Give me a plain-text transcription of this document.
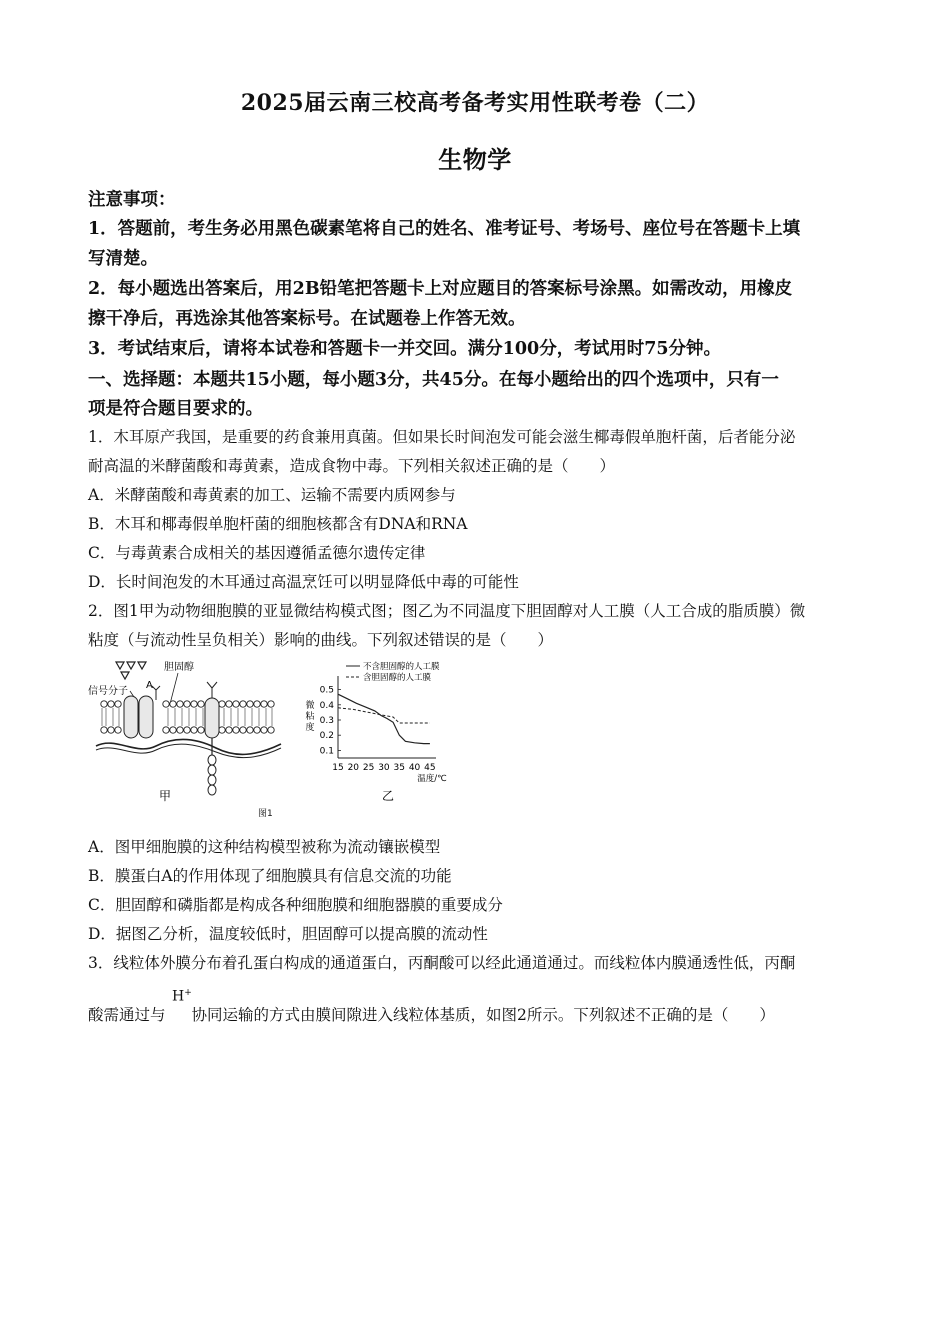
2025届云南三校高考备考实用性联考卷（二）
生物学
注意事项：
1．答题前，考生务必用黑色碳素笔将自己的姓名、准考证号、考场号、座位号在答题卡上填
写清楚。
2．每小题选出答案后，用2B铅笔把答题卡上对应题目的答案标号涂黑。如需改动，用橡皮
擦干净后，再选涂其他答案标号。在试题卷上作答无效。
3．考试结束后，请将本试卷和答题卡一并交回。满分100分，考试用时75分钟。
一、选择题：本题共15小题，每小题3分，共45分。在每小题给出的四个选项中，只有一
项是符合题目要求的。
1．木耳原产我国，是重要的药食兼用真菌。但如果长时间泡发可能会滋生椰毒假单胞杆菌，后者能分泌
耐高温的米酵菌酸和毒黄素，造成食物中毒。下列相关叙述正确的是（　　）
A．米酵菌酸和毒黄素的加工、运输不需要内质网参与
B．木耳和椰毒假单胞杆菌的细胞核都含有DNA和RNA
C．与毒黄素合成相关的基因遵循孟德尔遗传定律
D．长时间泡发的木耳通过高温烹饪可以明显降低中毒的可能性
2．图1甲为动物细胞膜的亚显微结构模式图；图乙为不同温度下胆固醇对人工膜（人工合成的脂质膜）微
粘度（与流动性呈负相关）影响的曲线。下列叙述错误的是（　　）
信号分子
A
胆固醇
甲
0.1
0.2
0.3
0.4
0.5
15 20 25 30 35 40 45
温度/℃
微
粘
度
不含胆固醇的人工膜
含胆固醇的人工膜
乙
图1
A．图甲细胞膜的这种结构模型被称为流动镶嵌模型
B．膜蛋白A的作用体现了细胞膜具有信息交流的功能
C．胆固醇和磷脂都是构成各种细胞膜和细胞器膜的重要成分
D．据图乙分析，温度较低时，胆固醇可以提高膜的流动性
3．线粒体外膜分布着孔蛋白构成的通道蛋白，丙酮酸可以经此通道通过。而线粒体内膜通透性低，丙酮
酸需通过与 协同运输的方式由膜间隙进入线粒体基质，如图2所示。下列叙述不正确的是（　　）
H+
